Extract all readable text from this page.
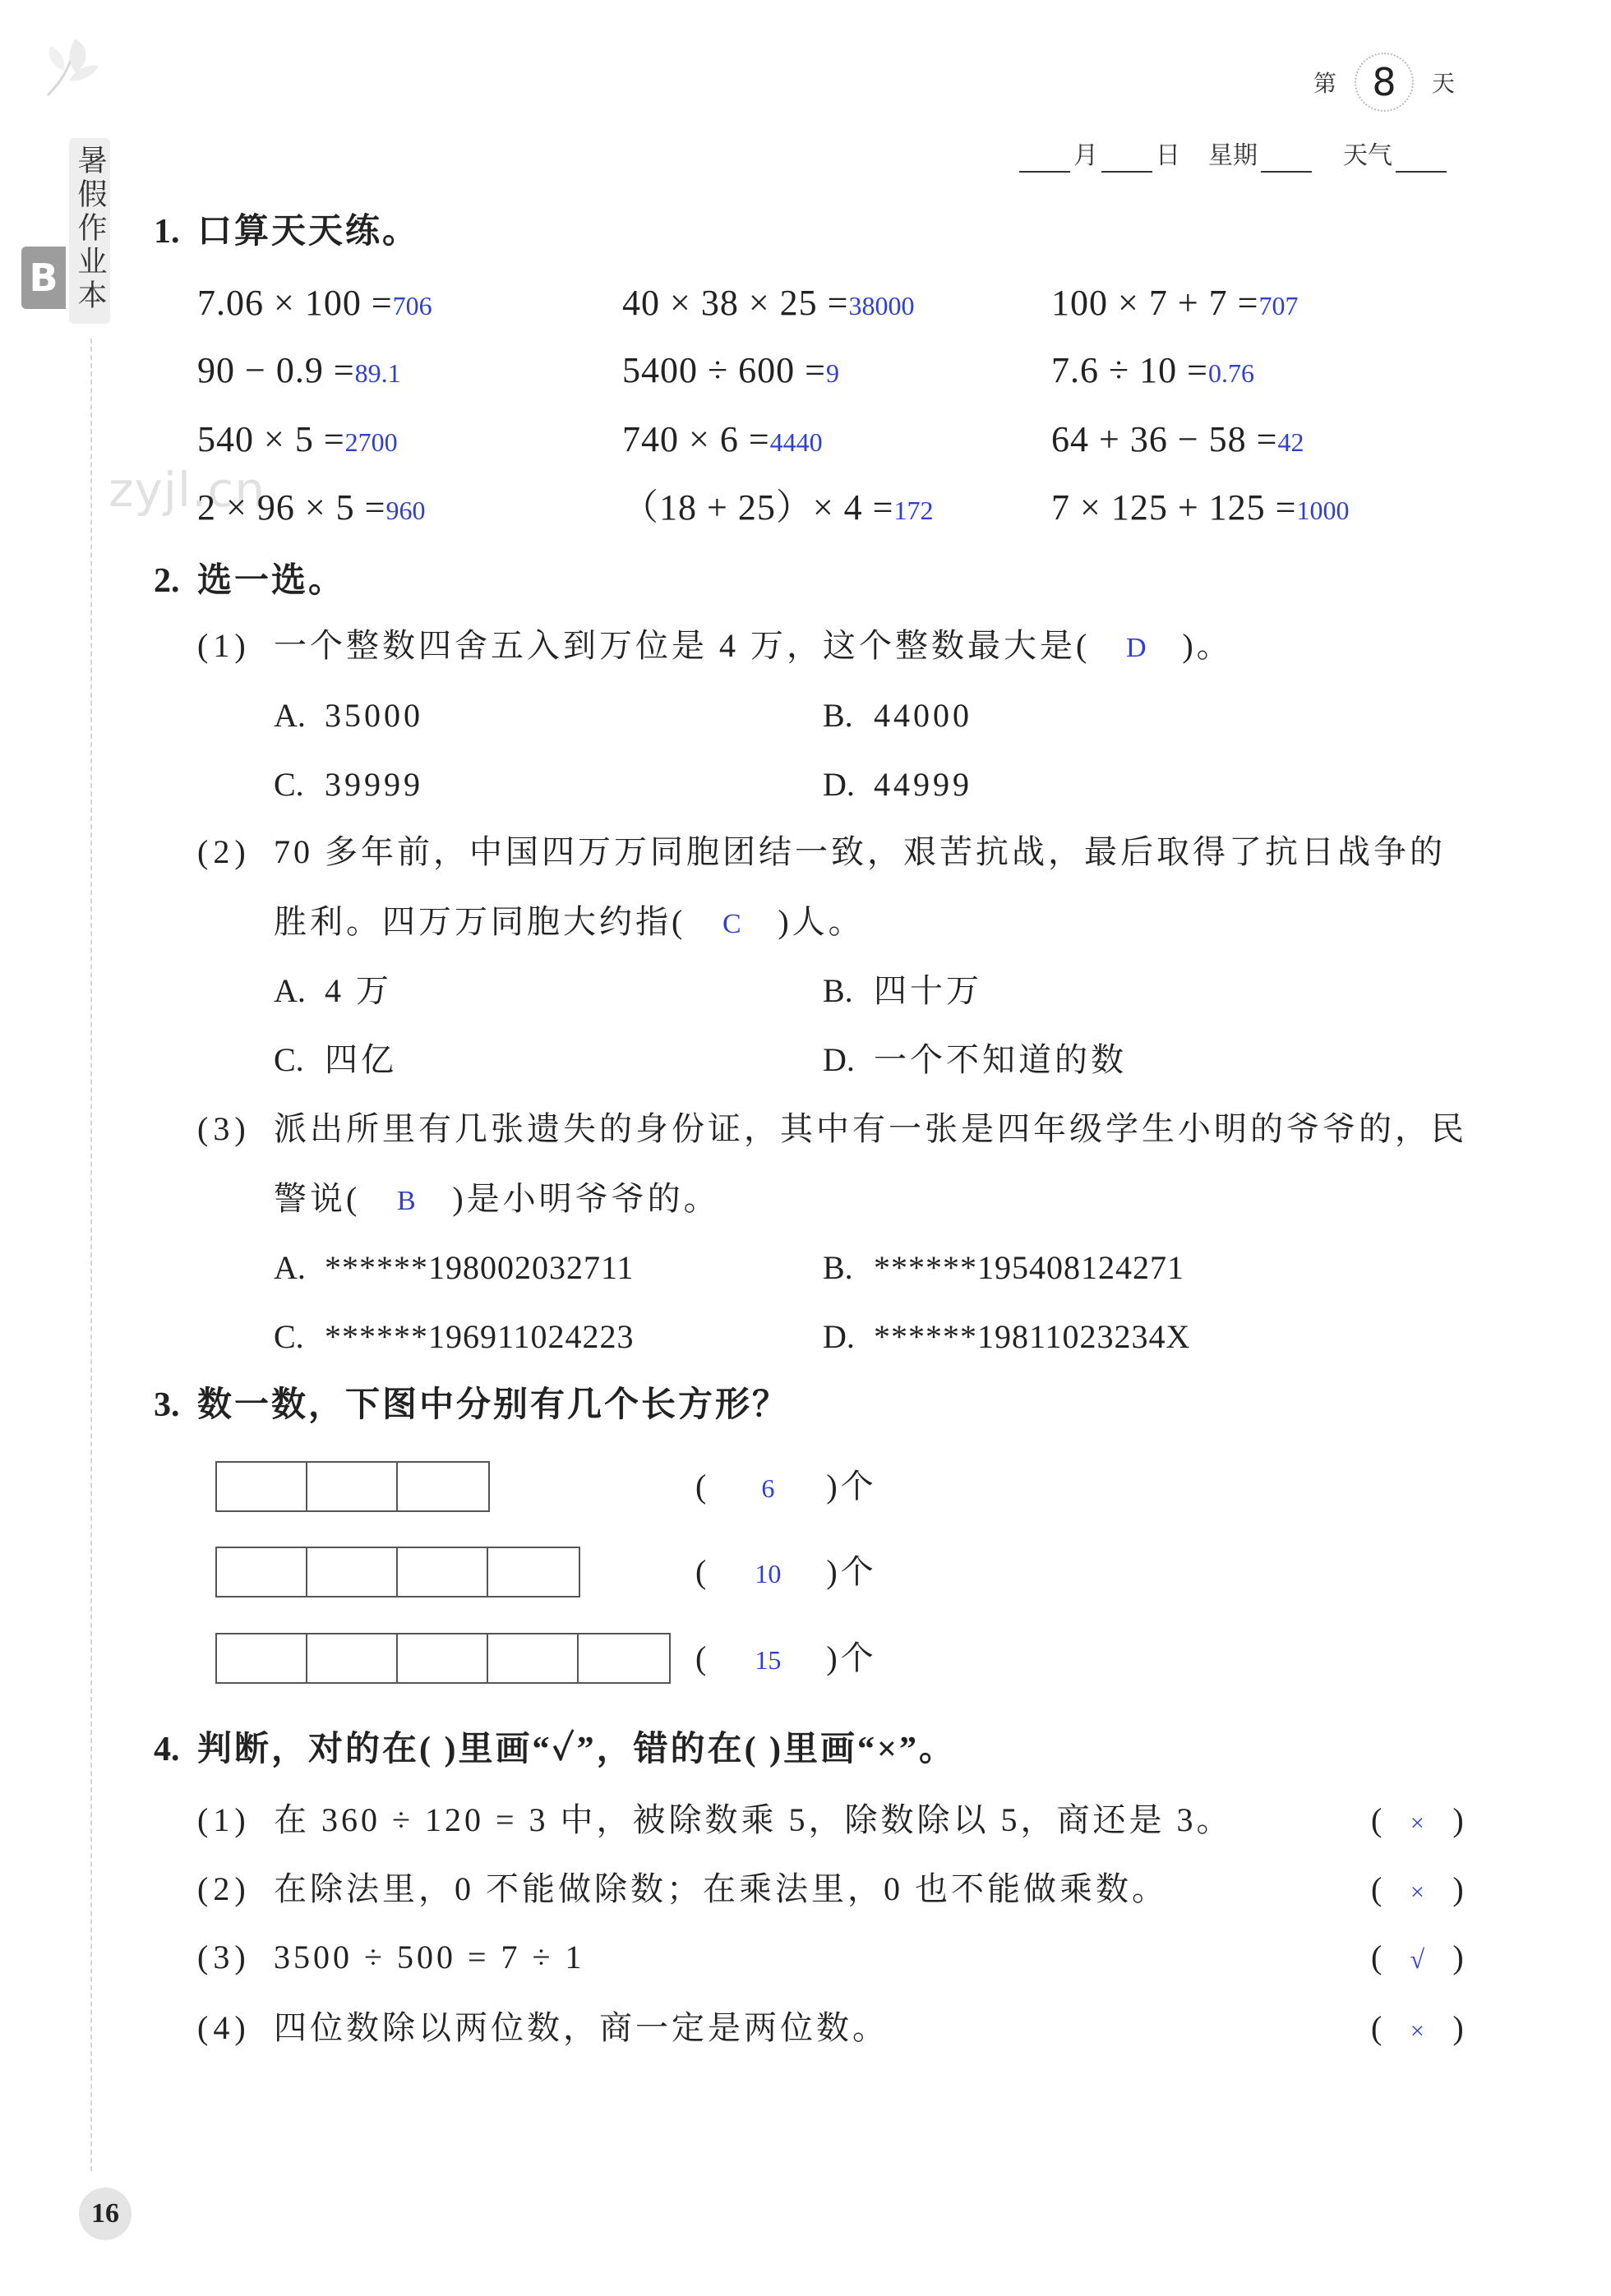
zyjl.cn
暑假作业本
B
第 8	天
月 日 星期	天气
1. 口算天天练。
7.06 × 100 =706	40 × 38 × 25 =38000	100 × 7 + 7 =707
90 − 0.9 =89.1	5400 ÷ 600 =9	7.6 ÷ 10 =0.76
540 × 5 =2700	740 × 6 =4440	64 + 36 − 58 =42
2 × 96 × 5 =960	（18 + 25）× 4 =172	7 × 125 + 125 =1000
2. 选一选。
(1) 一个整数四舍五入到万位是 4 万，这个整数最大是( D )。
A. 35000	B. 44000
C. 39999	D. 44999
(2) 70 多年前，中国四万万同胞团结一致，艰苦抗战，最后取得了抗日战争的
胜利。四万万同胞大约指( C )人。
A. 4 万	B. 四十万
C. 四亿	D. 一个不知道的数
(3) 派出所里有几张遗失的身份证，其中有一张是四年级学生小明的爷爷的，民
警说( B )是小明爷爷的。
A. ******198002032711	B. ******195408124271
C. ******196911024223	D. ******19811023234X
3. 数一数，下图中分别有几个长方形？
( 6 )个
( 10 )个
( 15 )个
4. 判断，对的在( )里画“✓”，错的在( )里画“×”。
(1) 在 360 ÷ 120 = 3 中，被除数乘 5，除数除以 5，商还是 3。	( × )
(2) 在除法里，0 不能做除数；在乘法里，0 也不能做乘数。	( × )
(3) 3500 ÷ 500 = 7 ÷ 1	( √ )
(4) 四位数除以两位数，商一定是两位数。	( × )
16
